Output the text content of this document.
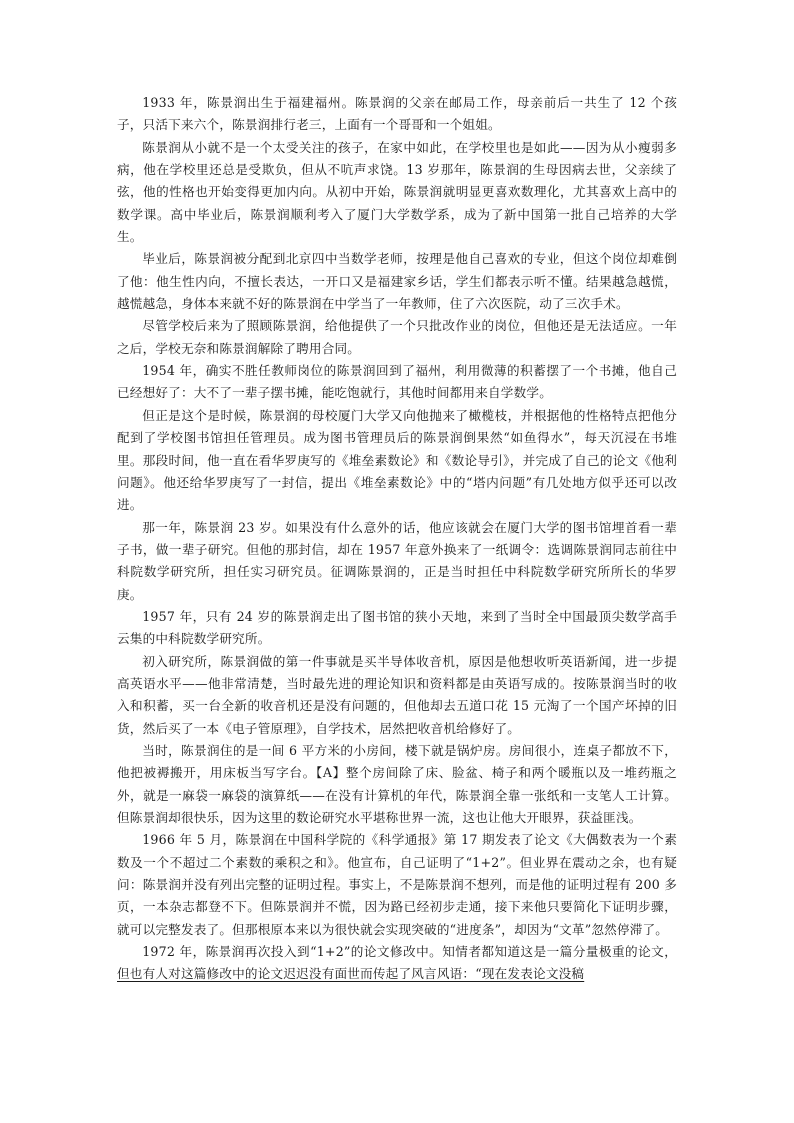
1933 年，陈景润出生于福建福州。陈景润的父亲在邮局工作，母亲前后一共生了 12 个孩子，只活下来六个，陈景润排行老三，上面有一个哥哥和一个姐姐。

陈景润从小就不是一个太受关注的孩子，在家中如此，在学校里也是如此——因为从小瘦弱多病，他在学校里还总是受欺负，但从不吭声求饶。13 岁那年，陈景润的生母因病去世，父亲续了弦，他的性格也开始变得更加内向。从初中开始，陈景润就明显更喜欢数理化，尤其喜欢上高中的数学课。高中毕业后，陈景润顺利考入了厦门大学数学系，成为了新中国第一批自己培养的大学生。

毕业后，陈景润被分配到北京四中当数学老师，按理是他自己喜欢的专业，但这个岗位却难倒了他：他生性内向，不擅长表达，一开口又是福建家乡话，学生们都表示听不懂。结果越急越慌，越慌越急，身体本来就不好的陈景润在中学当了一年教师，住了六次医院，动了三次手术。

尽管学校后来为了照顾陈景润，给他提供了一个只批改作业的岗位，但他还是无法适应。一年之后，学校无奈和陈景润解除了聘用合同。

1954 年，确实不胜任教师岗位的陈景润回到了福州，利用微薄的积蓄摆了一个书摊，他自己已经想好了：大不了一辈子摆书摊，能吃饱就行，其他时间都用来自学数学。

但正是这个是时候，陈景润的母校厦门大学又向他抛来了橄榄枝，并根据他的性格特点把他分配到了学校图书馆担任管理员。成为图书管理员后的陈景润倒果然“如鱼得水”，每天沉浸在书堆里。那段时间，他一直在看华罗庚写的《堆垒素数论》和《数论导引》，并完成了自己的论文《他利问题》。他还给华罗庚写了一封信，提出《堆垒素数论》中的“塔内问题”有几处地方似乎还可以改进。

那一年，陈景润 23 岁。如果没有什么意外的话，他应该就会在厦门大学的图书馆埋首看一辈子书，做一辈子研究。但他的那封信，却在 1957 年意外换来了一纸调令：选调陈景润同志前往中科院数学研究所，担任实习研究员。征调陈景润的，正是当时担任中科院数学研究所所长的华罗庚。

1957 年，只有 24 岁的陈景润走出了图书馆的狭小天地，来到了当时全中国最顶尖数学高手云集的中科院数学研究所。

初入研究所，陈景润做的第一件事就是买半导体收音机，原因是他想收听英语新闻，进一步提高英语水平——他非常清楚，当时最先进的理论知识和资料都是由英语写成的。按陈景润当时的收入和积蓄，买一台全新的收音机还是没有问题的，但他却去五道口花 15 元淘了一个国产坏掉的旧货，然后买了一本《电子管原理》，自学技术，居然把收音机给修好了。

当时，陈景润住的是一间 6 平方米的小房间，楼下就是锅炉房。房间很小，连桌子都放不下，他把被褥搬开，用床板当写字台。【A】整个房间除了床、脸盆、椅子和两个暖瓶以及一堆药瓶之外，就是一麻袋一麻袋的演算纸——在没有计算机的年代，陈景润全靠一张纸和一支笔人工计算。但陈景润却很快乐，因为这里的数论研究水平堪称世界一流，这也让他大开眼界，获益匪浅。

1966 年 5 月，陈景润在中国科学院的《科学通报》第 17 期发表了论文《大偶数表为一个素数及一个不超过二个素数的乘积之和》。他宣布，自己证明了“1+2”。但业界在震动之余，也有疑问：陈景润并没有列出完整的证明过程。事实上，不是陈景润不想列，而是他的证明过程有 200 多页，一本杂志都登不下。但陈景润并不慌，因为路已经初步走通，接下来他只要简化下证明步骤，就可以完整发表了。但那根原本来以为很快就会实现突破的“进度条”，却因为“文革”忽然停滞了。

1972 年，陈景润再次投入到“1+2”的论文修改中。知情者都知道这是一篇分量极重的论文，但也有人对这篇修改中的论文迟迟没有面世而传起了风言风语：“现在发表论文没稿
